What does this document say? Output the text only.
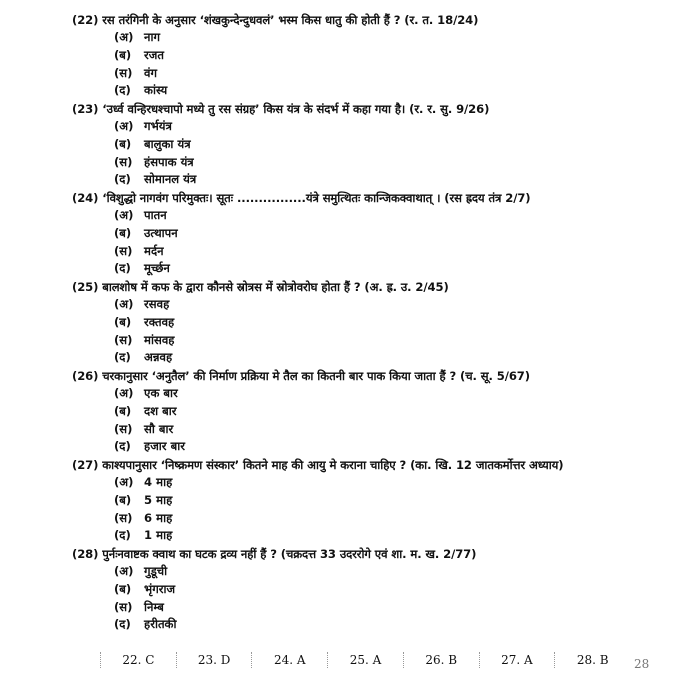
(22) रस तरंगिनी के अनुसार ‘शंखकुन्देन्दुधवलं’ भस्म किस धातु की होती हैं ? (र. त. 18/24)
(अ) नाग
(ब) रजत
(स) वंग
(द) कांस्य
(23) ‘उर्ध्व वन्हिरधश्चापो मध्ये तु रस संग्रह’ किस यंत्र के संदर्भ में कहा गया है। (र. र. सु. 9/26)
(अ) गर्भयंत्र
(ब) बालुका यंत्र
(स) हंसपाक यंत्र
(द) सोमानल यंत्र
(24) ‘विशुद्धो नागवंग परिमुक्तः। सूतः ................यंत्रे समुत्थितः कान्जिकक्वाथात् । (रस ह्रदय तंत्र 2/7)
(अ) पातन
(ब) उत्थापन
(स) मर्दन
(द) मूर्च्छन
(25) बालशोष में कफ के द्वारा कौनसे स्रोत्रस में स्रोत्रोवरोघ होता हैं ? (अ. ह्र. उ. 2/45)
(अ) रसवह
(ब) रक्तवह
(स) मांसवह
(द) अन्नवह
(26) चरकानुसार ‘अनुतैल’ की निर्माण प्रक्रिया मे तैल का कितनी बार पाक किया जाता हैं ? (च. सू. 5/67)
(अ) एक बार
(ब) दश बार
(स) सौ बार
(द) हजार बार
(27) काश्यपानुसार ‘निष्क्रमण संस्कार’ कितने माह की आयु मे कराना चाहिए ? (का. खि. 12 जातकर्मोत्तर अध्याय)
(अ) 4 माह
(ब) 5 माह
(स) 6 माह
(द) 1 माह
(28) पुर्नःनवाष्टक क्वाथ का घटक द्रव्य नहीं हैं ? (चक्रदत्त 33 उदररोगे एवं शा. म. ख. 2/77)
(अ) गुडूची
(ब) भृंगराज
(स) निम्ब
(द) हरीतकी
22. C	23. D	24. A	25. A	26. B	27. A	28. B	28
